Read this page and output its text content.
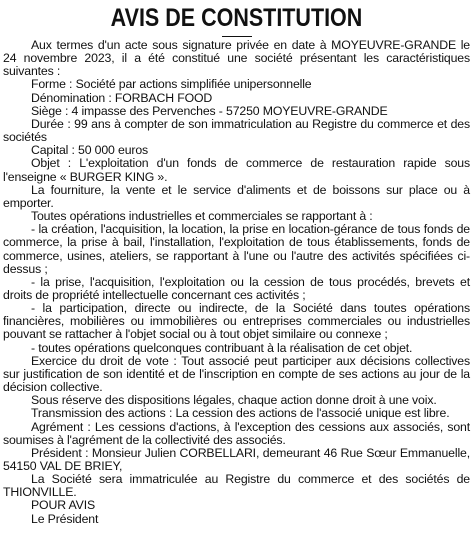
AVIS DE CONSTITUTION

Aux termes d'un acte sous signature privée en date à MOYEUVRE-GRANDE le 24 novembre 2023, il a été constitué une société présentant les caractéristiques suivantes :

Forme : Société par actions simplifiée unipersonnelle

Dénomination : FORBACH FOOD

Siège : 4 impasse des Pervenches - 57250 MOYEUVRE-GRANDE

Durée : 99 ans à compter de son immatriculation au Registre du commerce et des sociétés

Capital : 50 000 euros

Objet : L'exploitation d'un fonds de commerce de restauration rapide sous l'enseigne « BURGER KING ».

La fourniture, la vente et le service d'aliments et de boissons sur place ou à emporter.

Toutes opérations industrielles et commerciales se rapportant à :

- la création, l'acquisition, la location, la prise en location-gérance de tous fonds de commerce, la prise à bail, l'installation, l'exploitation de tous établissements, fonds de commerce, usines, ateliers, se rapportant à l'une ou l'autre des activités spécifiées ci-dessus ;

- la prise, l'acquisition, l'exploitation ou la cession de tous procédés, brevets et droits de propriété intellectuelle concernant ces activités ;

- la participation, directe ou indirecte, de la Société dans toutes opérations financières, mobilières ou immobilières ou entreprises commerciales ou industrielles pouvant se rattacher à l'objet social ou à tout objet similaire ou connexe ;

- toutes opérations quelconques contribuant à la réalisation de cet objet.

Exercice du droit de vote : Tout associé peut participer aux décisions collectives sur justification de son identité et de l'inscription en compte de ses actions au jour de la décision collective.

Sous réserve des dispositions légales, chaque action donne droit à une voix.

Transmission des actions : La cession des actions de l'associé unique est libre.

Agrément : Les cessions d'actions, à l'exception des cessions aux associés, sont soumises à l'agrément de la collectivité des associés.

Président : Monsieur Julien CORBELLARI, demeurant 46 Rue Sœur Emmanuelle, 54150 VAL DE BRIEY,

La Société sera immatriculée au Registre du commerce et des sociétés de THIONVILLE.

POUR AVIS

Le Président
